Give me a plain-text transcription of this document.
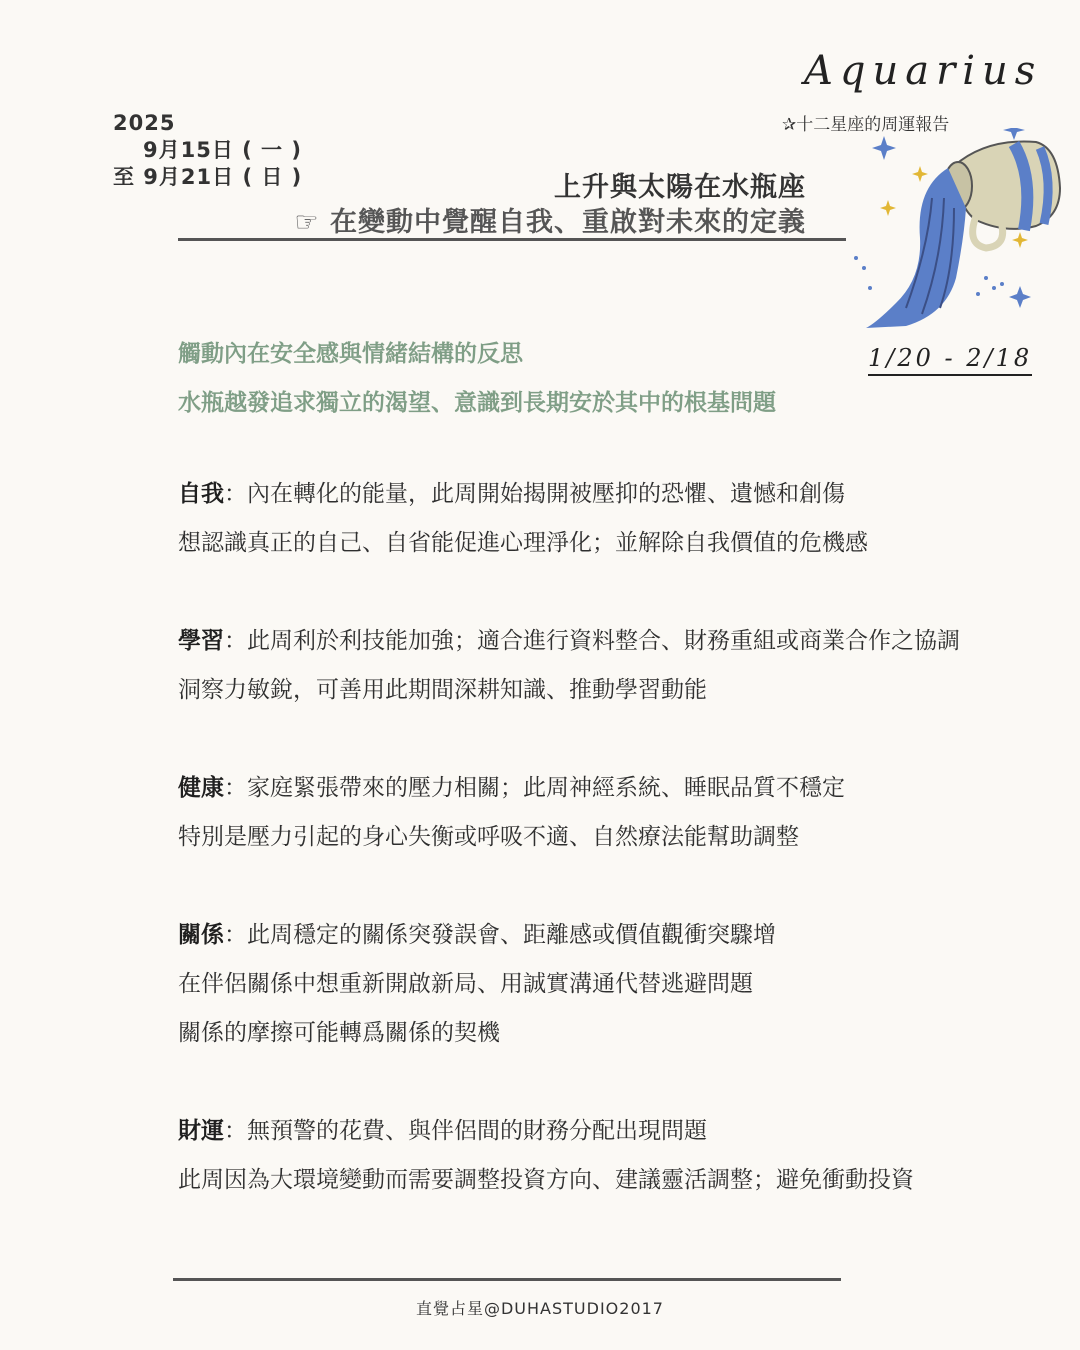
2025
9月15日 ( 一 )
至 9月21日 ( 日 )
Aquarius
✰十二星座的周運報告
1/20 - 2/18
上升與太陽在水瓶座
☞ 在變動中覺醒自我、重啟對未來的定義
觸動內在安全感與情緒結構的反思
水瓶越發追求獨立的渴望、意識到長期安於其中的根基問題
自我：內在轉化的能量，此周開始揭開被壓抑的恐懼、遺憾和創傷
想認識真正的自己、自省能促進心理淨化；並解除自我價值的危機感
學習：此周利於利技能加強；適合進行資料整合、財務重組或商業合作之協調
洞察力敏銳，可善用此期間深耕知識、推動學習動能
健康：家庭緊張帶來的壓力相關；此周神經系統、睡眠品質不穩定
特別是壓力引起的身心失衡或呼吸不適、自然療法能幫助調整
關係：此周穩定的關係突發誤會、距離感或價值觀衝突驟增
在伴侶關係中想重新開啟新局、用誠實溝通代替逃避問題
關係的摩擦可能轉爲關係的契機
財運：無預警的花費、與伴侶間的財務分配出現問題
此周因為大環境變動而需要調整投資方向、建議靈活調整；避免衝動投資
直覺占星@DUHASTUDIO2017
